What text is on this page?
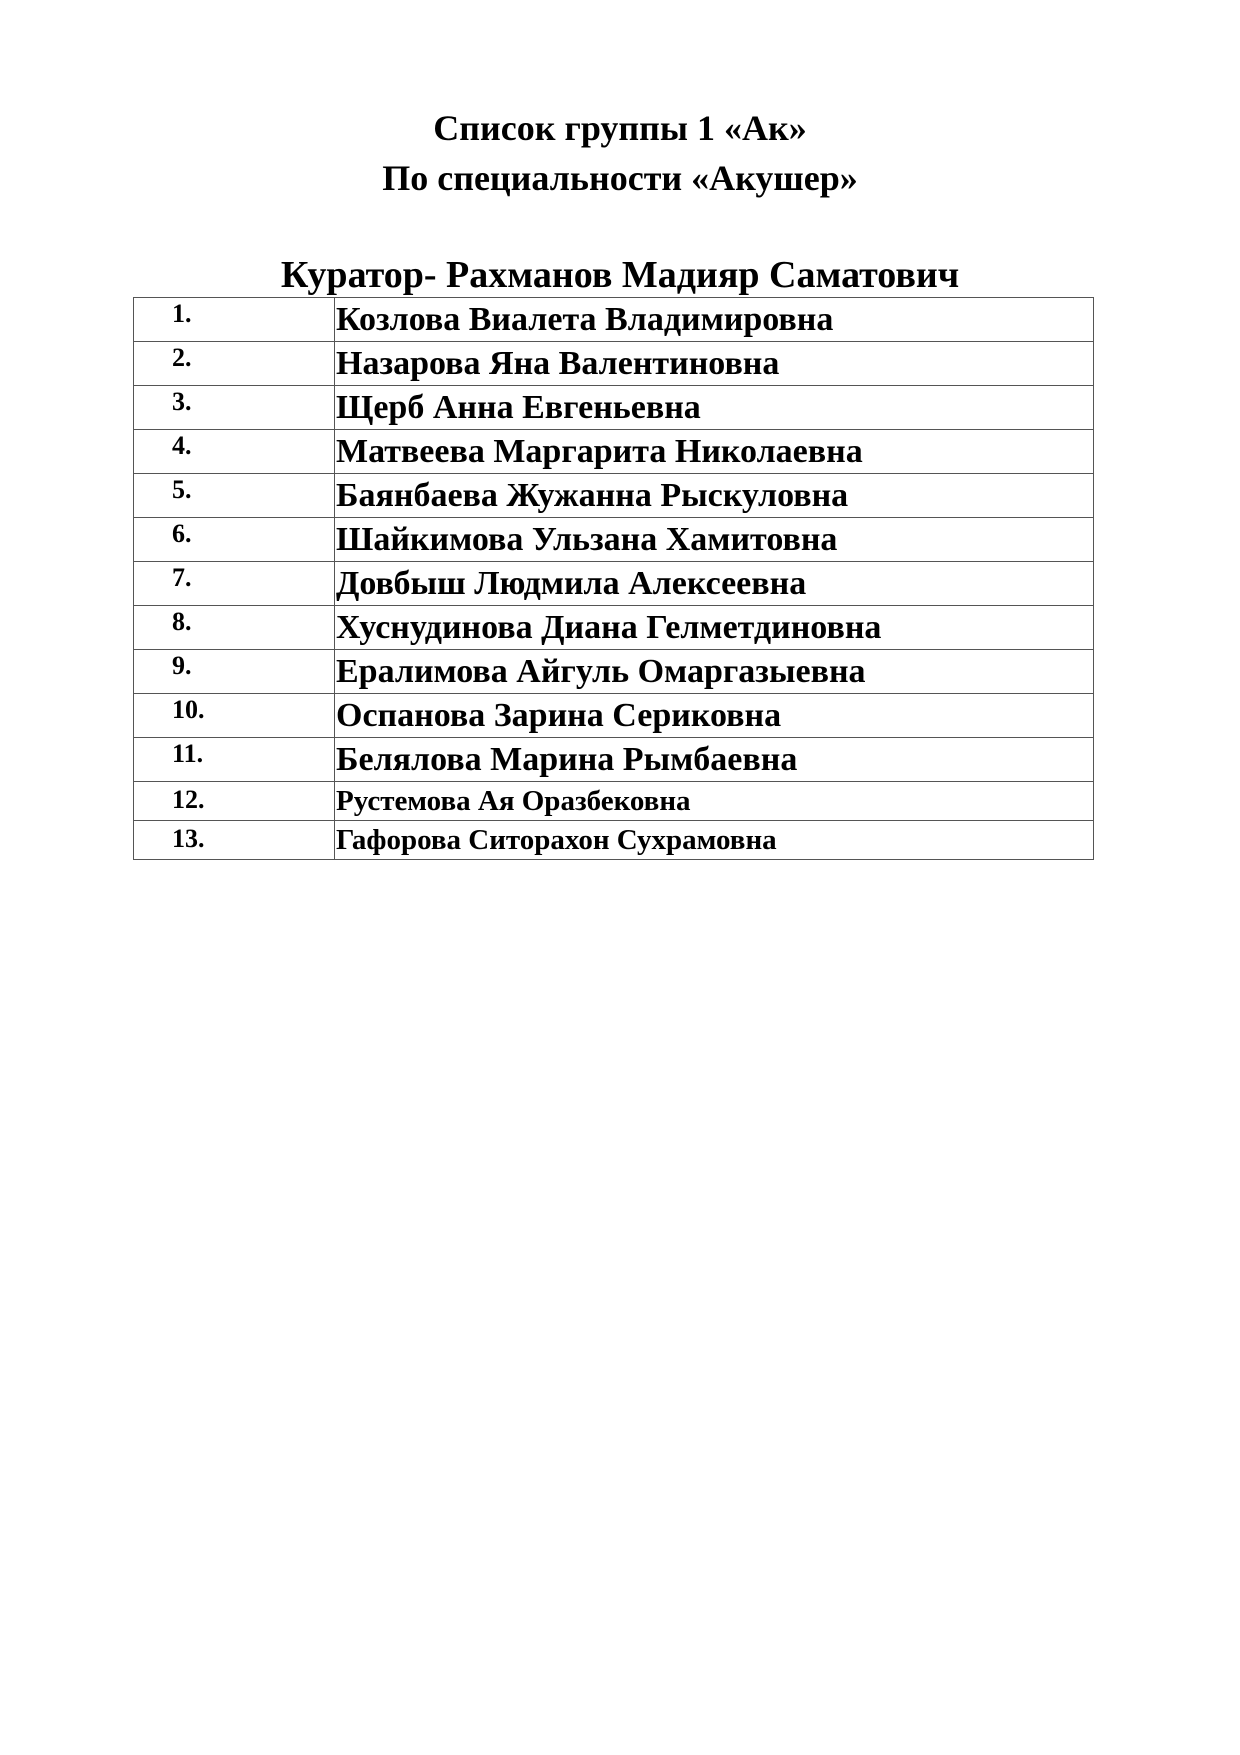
Список группы 1 «Ак»
По специальности «Акушер»
Куратор- Рахманов Мадияр Саматович
1.	Козлова Виалета Владимировна
2.	Назарова Яна Валентиновна
3.	Щерб Анна Евгеньевна
4.	Матвеева Маргарита Николаевна
5.	Баянбаева Жужанна Рыскуловна
6.	Шайкимова Ульзана Хамитовна
7.	Довбыш Людмила Алексеевна
8.	Хуснудинова Диана Гелметдиновна
9.	Ералимова Айгуль Омаргазыевна
10.	Оспанова Зарина Сериковна
11.	Белялова Марина Рымбаевна
12.	Рустемова Ая Оразбековна
13.	Гафорова Ситорахон Сухрамовна
